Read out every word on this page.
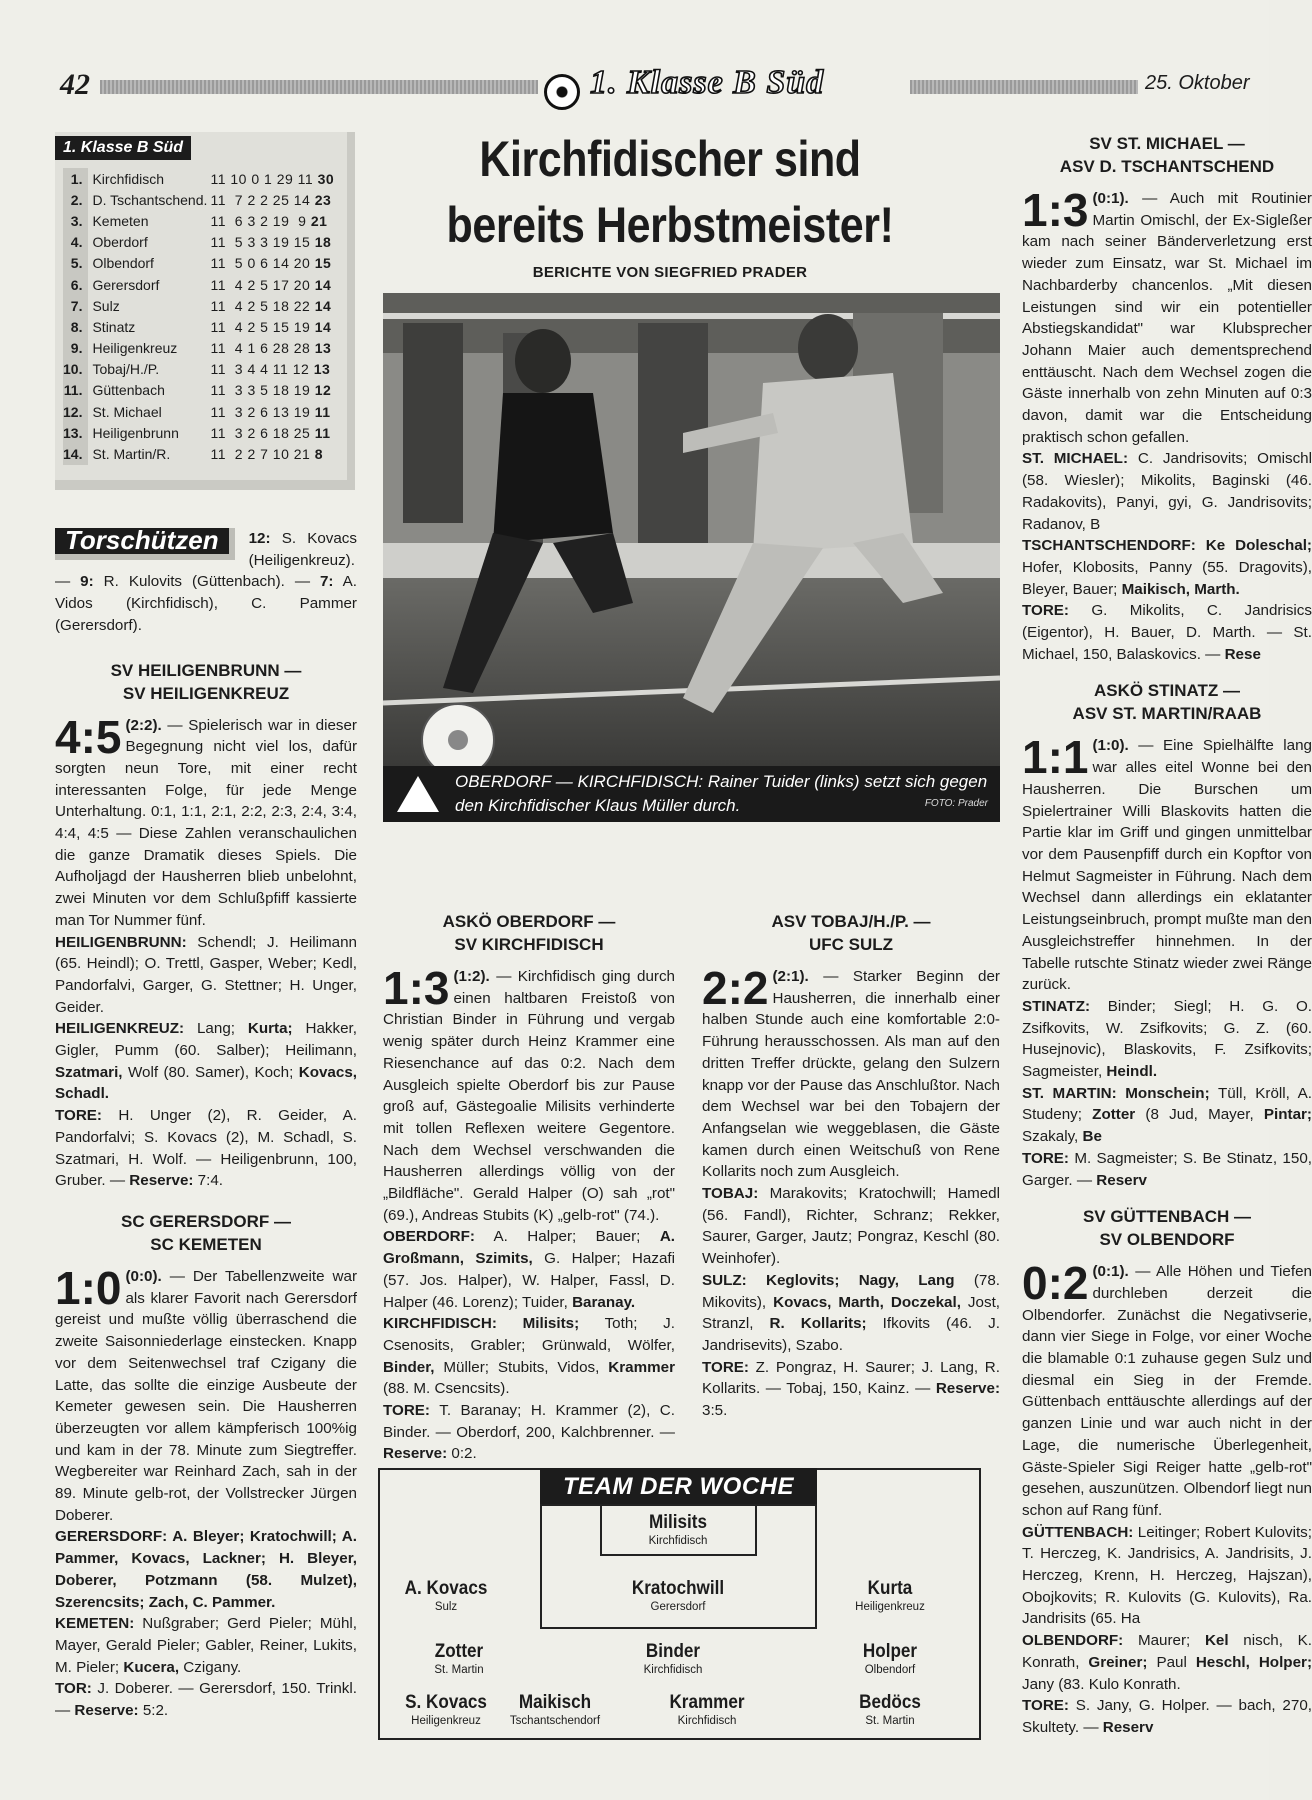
42	1. Klasse B Süd	25. Oktober
1. Klasse B Süd
1.	Kirchfidisch	11 10 0 1 29 11 30
2.	D. Tschantschend.	11  7 2 2 25 14 23
3.	Kemeten	11  6 3 2 19  9 21
4.	Oberdorf	11  5 3 3 19 15 18
5.	Olbendorf	11  5 0 6 14 20 15
6.	Gerersdorf	11  4 2 5 17 20 14
7.	Sulz	11  4 2 5 18 22 14
8.	Stinatz	11  4 2 5 15 19 14
9.	Heiligenkreuz	11  4 1 6 28 28 13
10.	Tobaj/H./P.	11  3 4 4 11 12 13
11.	Güttenbach	11  3 3 5 18 19 12
12.	St. Michael	11  3 2 6 13 19 11
13.	Heiligenbrunn	11  3 2 6 18 25 11
14.	St. Martin/R.	11  2 2 7 10 21 8
Torschützen	12: S. Kovacs (Heiligenkreuz). — 9: R. Kulovits (Güttenbach). — 7: A. Vidos (Kirchfidisch), C. Pammer (Gerersdorf).
SV HEILIGENBRUNN —
SV HEILIGENKREUZ

4:5 (2:2). — Spielerisch war in dieser Begegnung nicht viel los, dafür sorgten neun Tore, mit einer recht interessanten Folge, für jede Menge Unterhaltung. 0:1, 1:1, 2:1, 2:2, 2:3, 2:4, 3:4, 4:4, 4:5 — Diese Zahlen veranschaulichen die ganze Dramatik dieses Spiels. Die Aufholjagd der Hausherren blieb unbelohnt, zwei Minuten vor dem Schlußpfiff kassierte man Tor Nummer fünf.

HEILIGENBRUNN: Schendl; J. Heilimann (65. Heindl); O. Trettl, Gasper, Weber; Kedl, Pandorfalvi, Garger, G. Stettner; H. Unger, Geider.

HEILIGENKREUZ: Lang; Kurta; Hakker, Gigler, Pumm (60. Salber); Heilimann, Szatmari, Wolf (80. Samer), Koch; Kovacs, Schadl.

TORE: H. Unger (2), R. Geider, A. Pandorfalvi; S. Kovacs (2), M. Schadl, S. Szatmari, H. Wolf. — Heiligenbrunn, 100, Gruber. — Reserve: 7:4.

SC GERERSDORF —
SC KEMETEN

1:0 (0:0). — Der Tabellenzweite war als klarer Favorit nach Gerersdorf gereist und mußte völlig überraschend die zweite Saisonniederlage einstecken. Knapp vor dem Seitenwechsel traf Czigany die Latte, das sollte die einzige Ausbeute der Kemeter gewesen sein. Die Hausherren überzeugten vor allem kämpferisch 100%ig und kam in der 78. Minute zum Siegtreffer. Wegbereiter war Reinhard Zach, sah in der 89. Minute gelb-rot, der Vollstrecker Jürgen Doberer.

GERERSDORF: A. Bleyer; Kratochwill; A. Pammer, Kovacs, Lackner; H. Bleyer, Doberer, Potzmann (58. Mulzet), Szerencsits; Zach, C. Pammer.

KEMETEN: Nußgraber; Gerd Pieler; Mühl, Mayer, Gerald Pieler; Gabler, Reiner, Lukits, M. Pieler; Kucera, Czigany.

TOR: J. Doberer. — Gerersdorf, 150. Trinkl. — Reserve: 5:2.

Kirchfidischer sind
bereits Herbstmeister!
BERICHTE VON SIEGFRIED PRADER
OBERDORF — KIRCHFIDISCH: Rainer Tuider (links) setzt sich gegen den Kirchfidischer Klaus Müller durch.	FOTO: Prader
ASKÖ OBERDORF —
SV KIRCHFIDISCH

1:3 (1:2). — Kirchfidisch ging durch einen haltbaren Freistoß von Christian Binder in Führung und vergab wenig später durch Heinz Krammer eine Riesenchance auf das 0:2. Nach dem Ausgleich spielte Oberdorf bis zur Pause groß auf, Gästegoalie Milisits verhinderte mit tollen Reflexen weitere Gegentore. Nach dem Wechsel verschwanden die Hausherren allerdings völlig von der „Bildfläche". Gerald Halper (O) sah „rot" (69.), Andreas Stubits (K) „gelb-rot" (74.).

OBERDORF: A. Halper; Bauer; A. Großmann, Szimits, G. Halper; Hazafi (57. Jos. Halper), W. Halper, Fassl, D. Halper (46. Lorenz); Tuider, Baranay.

KIRCHFIDISCH: Milisits; Toth; J. Csenosits, Grabler; Grünwald, Wölfer, Binder, Müller; Stubits, Vidos, Krammer (88. M. Csencsits).

TORE: T. Baranay; H. Krammer (2), C. Binder. — Oberdorf, 200, Kalchbrenner. — Reserve: 0:2.

ASV TOBAJ/H./P. —
UFC SULZ

2:2 (2:1). — Starker Beginn der Hausherren, die innerhalb einer halben Stunde auch eine komfortable 2:0-Führung herausschossen. Als man auf den dritten Treffer drückte, gelang den Sulzern knapp vor der Pause das Anschlußtor. Nach dem Wechsel war bei den Tobajern der Anfangselan wie weggeblasen, die Gäste kamen durch einen Weitschuß von Rene Kollarits noch zum Ausgleich.

TOBAJ: Marakovits; Kratochwill; Hamedl (56. Fandl), Richter, Schranz; Rekker, Saurer, Garger, Jautz; Pongraz, Keschl (80. Weinhofer).

SULZ: Keglovits; Nagy, Lang (78. Mikovits), Kovacs, Marth, Doczekal, Jost, Stranzl, R. Kollarits; Ifkovits (46. J. Jandrisevits), Szabo.

TORE: Z. Pongraz, H. Saurer; J. Lang, R. Kollarits. — Tobaj, 150, Kainz. — Reserve: 3:5.

TEAM DER WOCHE
Milisits
Kirchfidisch
A. Kovacs
Sulz
Kratochwill
Gerersdorf
Kurta
Heiligenkreuz
Zotter
St. Martin
Binder
Kirchfidisch
Holper
Olbendorf
S. Kovacs
Heiligenkreuz
Maikisch
Tschantschendorf
Krammer
Kirchfidisch
Bedöcs
St. Martin
SV ST. MICHAEL —
ASV D. TSCHANTSCHEND

1:3 (0:1). — Auch mit Routinier Martin Omischl, der Ex-Sigleßer kam nach seiner Bänderverletzung erst wieder zum Einsatz, war St. Michael im Nachbarderby chancenlos. „Mit diesen Leistungen sind wir ein potentieller Abstiegskandidat" war Klubsprecher Johann Maier auch dementsprechend enttäuscht. Nach dem Wechsel zogen die Gäste innerhalb von zehn Minuten auf 0:3 davon, damit war die Entscheidung praktisch schon gefallen.

ST. MICHAEL: C. Jandrisovits; Omischl (58. Wiesler); Mikolits, Baginski (46. Radakovits), Panyi, gyi, G. Jandrisovits; Radanov, B

TSCHANTSCHENDORF: Ke Doleschal; Hofer, Klobosits, Panny (55. Dragovits), Bleyer, Bauer; Maikisch, Marth.

TORE: G. Mikolits, C. Jandrisics (Eigentor), H. Bauer, D. Marth. — St. Michael, 150, Balaskovics. — Rese

ASKÖ STINATZ —
ASV ST. MARTIN/RAAB

1:1 (1:0). — Eine Spielhälfte lang war alles eitel Wonne bei den Hausherren. Die Burschen um Spielertrainer Willi Blaskovits hatten die Partie klar im Griff und gingen unmittelbar vor dem Pausenpfiff durch ein Kopftor von Helmut Sagmeister in Führung. Nach dem Wechsel dann allerdings ein eklatanter Leistungseinbruch, prompt mußte man den Ausgleichstreffer hinnehmen. In der Tabelle rutschte Stinatz wieder zwei Ränge zurück.

STINATZ: Binder; Siegl; H. G. O. Zsifkovits, W. Zsifkovits; G. Z. (60. Husejnovic), Blaskovits, F. Zsifkovits; Sagmeister, Heindl.

ST. MARTIN: Monschein; Tüll, Kröll, A. Studeny; Zotter (8 Jud, Mayer, Pintar; Szakaly, Be

TORE: M. Sagmeister; S. Be Stinatz, 150, Garger. — Reserv

SV GÜTTENBACH —
SV OLBENDORF

0:2 (0:1). — Alle Höhen und Tiefen durchleben derzeit die Olbendorfer. Zunächst die Negativserie, dann vier Siege in Folge, vor einer Woche die blamable 0:1 zuhause gegen Sulz und diesmal ein Sieg in der Fremde. Güttenbach enttäuschte allerdings auf der ganzen Linie und war auch nicht in der Lage, die numerische Überlegenheit, Gäste-Spieler Sigi Reiger hatte „gelb-rot" gesehen, auszunützen. Olbendorf liegt nun schon auf Rang fünf.

GÜTTENBACH: Leitinger; Robert Kulovits; T. Herczeg, K. Jandrisics, A. Jandrisits, J. Herczeg, Krenn, H. Herczeg, Hajszan), Obojkovits; R. Kulovits (G. Kulovits), Ra. Jandrisits (65. Ha

OLBENDORF: Maurer; Kel nisch, K. Konrath, Greiner; Paul Heschl, Holper; Jany (83. Kulo Konrath.

TORE: S. Jany, G. Holper. — bach, 270, Skultety. — Reserv
